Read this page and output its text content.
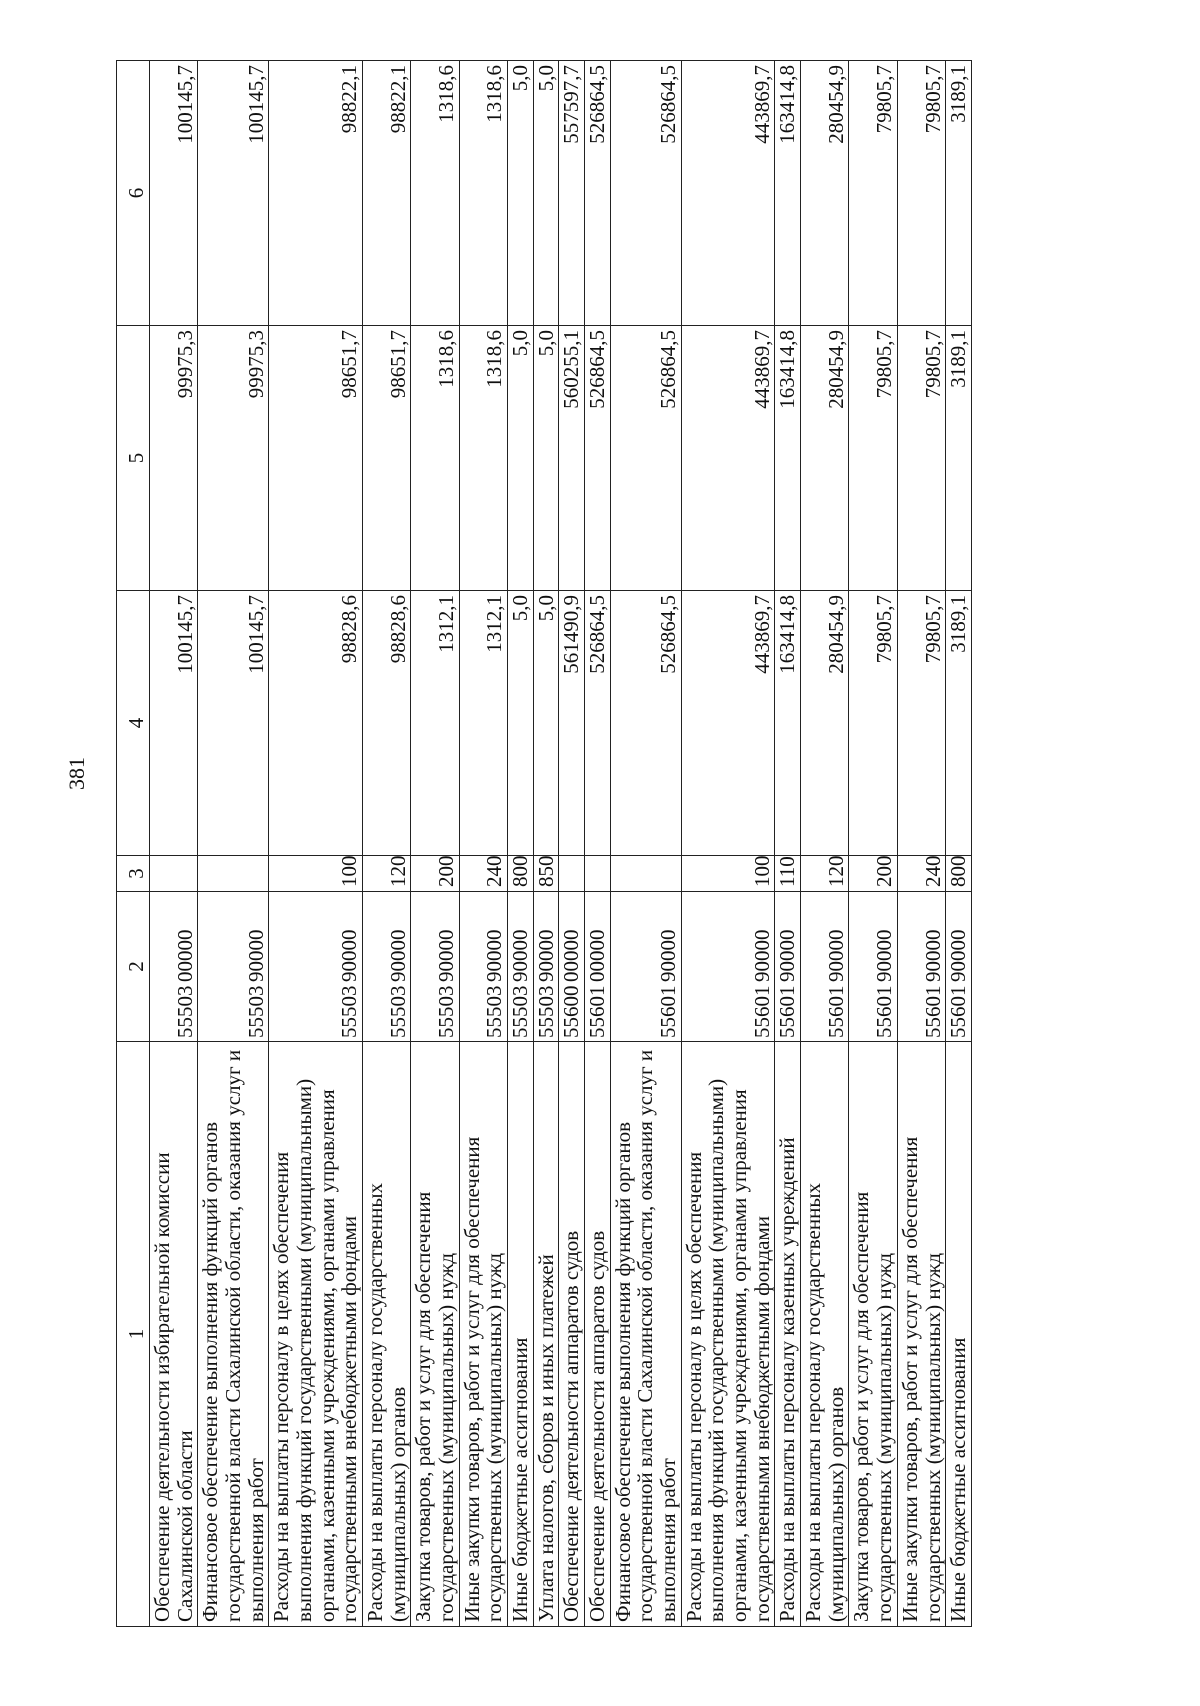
381
1	2	3	4	5	6
Обеспечение деятельности избирательной комиссии Сахалинской области	5550300000		100145,7	99975,3	100145,7
Финансовое обеспечение выполнения функций органов государственной власти Сахалинской области, оказания услуг и выполнения работ	5550390000		100145,7	99975,3	100145,7
Расходы на выплаты персоналу в целях обеспечения выполнения функций государственными (муниципальными) органами, казенными учреждениями, органами управления государственными внебюджетными фондами	5550390000	100	98828,6	98651,7	98822,1
Расходы на выплаты персоналу государственных (муниципальных) органов	5550390000	120	98828,6	98651,7	98822,1
Закупка товаров, работ и услуг для обеспечения государственных (муниципальных) нужд	5550390000	200	1312,1	1318,6	1318,6
Иные закупки товаров, работ и услуг для обеспечения государственных (муниципальных) нужд	5550390000	240	1312,1	1318,6	1318,6
Иные бюджетные ассигнования	5550390000	800	5,0	5,0	5,0
Уплата налогов, сборов и иных платежей	5550390000	850	5,0	5,0	5,0
Обеспечение деятельности аппаратов судов	5560000000		561490,9	560255,1	557597,7
Обеспечение деятельности аппаратов судов	5560100000		526864,5	526864,5	526864,5
Финансовое обеспечение выполнения функций органов государственной власти Сахалинской области, оказания услуг и выполнения работ	5560190000		526864,5	526864,5	526864,5
Расходы на выплаты персоналу в целях обеспечения выполнения функций государственными (муниципальными) органами, казенными учреждениями, органами управления государственными внебюджетными фондами	5560190000	100	443869,7	443869,7	443869,7
Расходы на выплаты персоналу казенных учреждений	5560190000	110	163414,8	163414,8	163414,8
Расходы на выплаты персоналу государственных (муниципальных) органов	5560190000	120	280454,9	280454,9	280454,9
Закупка товаров, работ и услуг для обеспечения государственных (муниципальных) нужд	5560190000	200	79805,7	79805,7	79805,7
Иные закупки товаров, работ и услуг для обеспечения государственных (муниципальных) нужд	5560190000	240	79805,7	79805,7	79805,7
Иные бюджетные ассигнования	5560190000	800	3189,1	3189,1	3189,1
